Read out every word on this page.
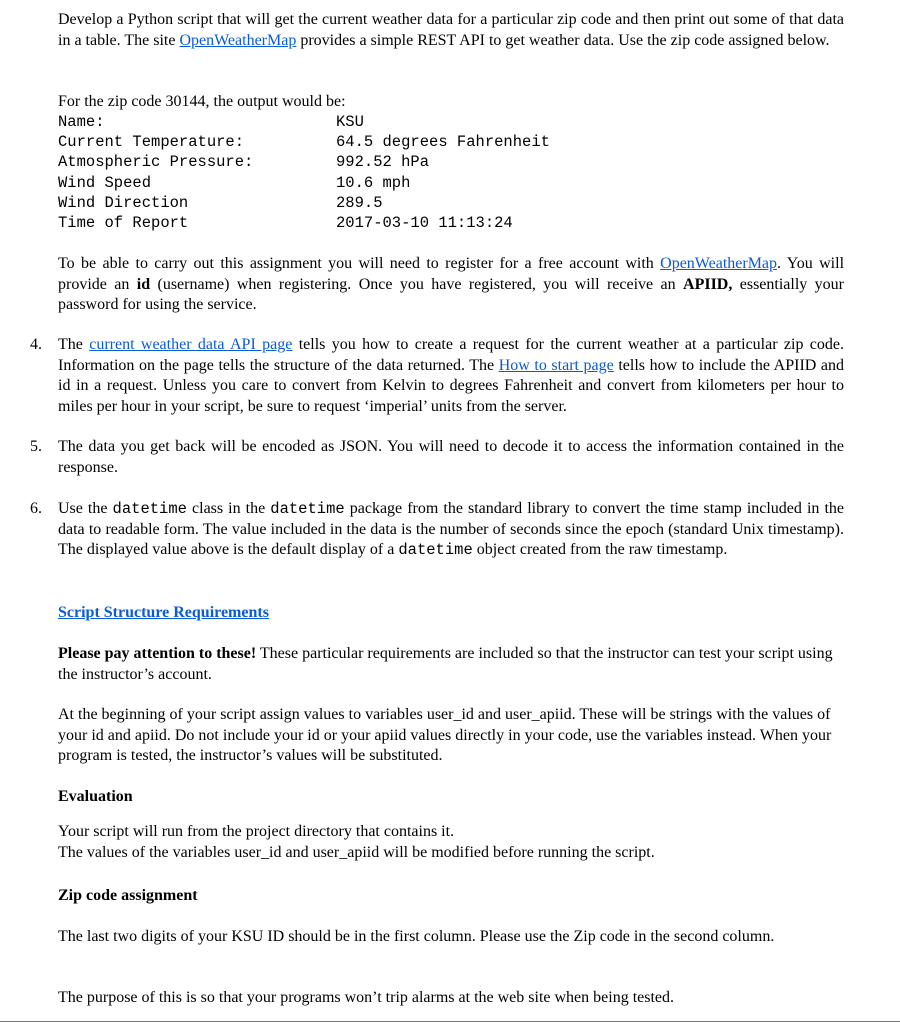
Develop a Python script that will get the current weather data for a particular zip code and then print out some of that data in a table. The site OpenWeatherMap provides a simple REST API to get weather data. Use the zip code assigned below.

For the zip code 30144, the output would be:

Name:	KSU
Current Temperature:	64.5 degrees Fahrenheit
Atmospheric Pressure:	992.52 hPa
Wind Speed	10.6 mph
Wind Direction	289.5
Time of Report	2017-03-10 11:13:24

To be able to carry out this assignment you will need to register for a free account with OpenWeatherMap. You will provide an id (username) when registering. Once you have registered, you will receive an APIID, essentially your password for using the service.

4. The current weather data API page tells you how to create a request for the current weather at a particular zip code. Information on the page tells the structure of the data returned. The How to start page tells how to include the APIID and id in a request. Unless you care to convert from Kelvin to degrees Fahrenheit and convert from kilometers per hour to miles per hour in your script, be sure to request ‘imperial’ units from the server.

5. The data you get back will be encoded as JSON. You will need to decode it to access the information contained in the response.

6. Use the datetime class in the datetime package from the standard library to convert the time stamp included in the data to readable form. The value included in the data is the number of seconds since the epoch (standard Unix timestamp). The displayed value above is the default display of a datetime object created from the raw timestamp.

Script Structure Requirements

Please pay attention to these! These particular requirements are included so that the instructor can test your script using the instructor’s account.

At the beginning of your script assign values to variables user_id and user_apiid. These will be strings with the values of your id and apiid. Do not include your id or your apiid values directly in your code, use the variables instead. When your program is tested, the instructor’s values will be substituted.

Evaluation

Your script will run from the project directory that contains it.

The values of the variables user_id and user_apiid will be modified before running the script.

Zip code assignment

The last two digits of your KSU ID should be in the first column. Please use the Zip code in the second column.

The purpose of this is so that your programs won’t trip alarms at the web site when being tested.
